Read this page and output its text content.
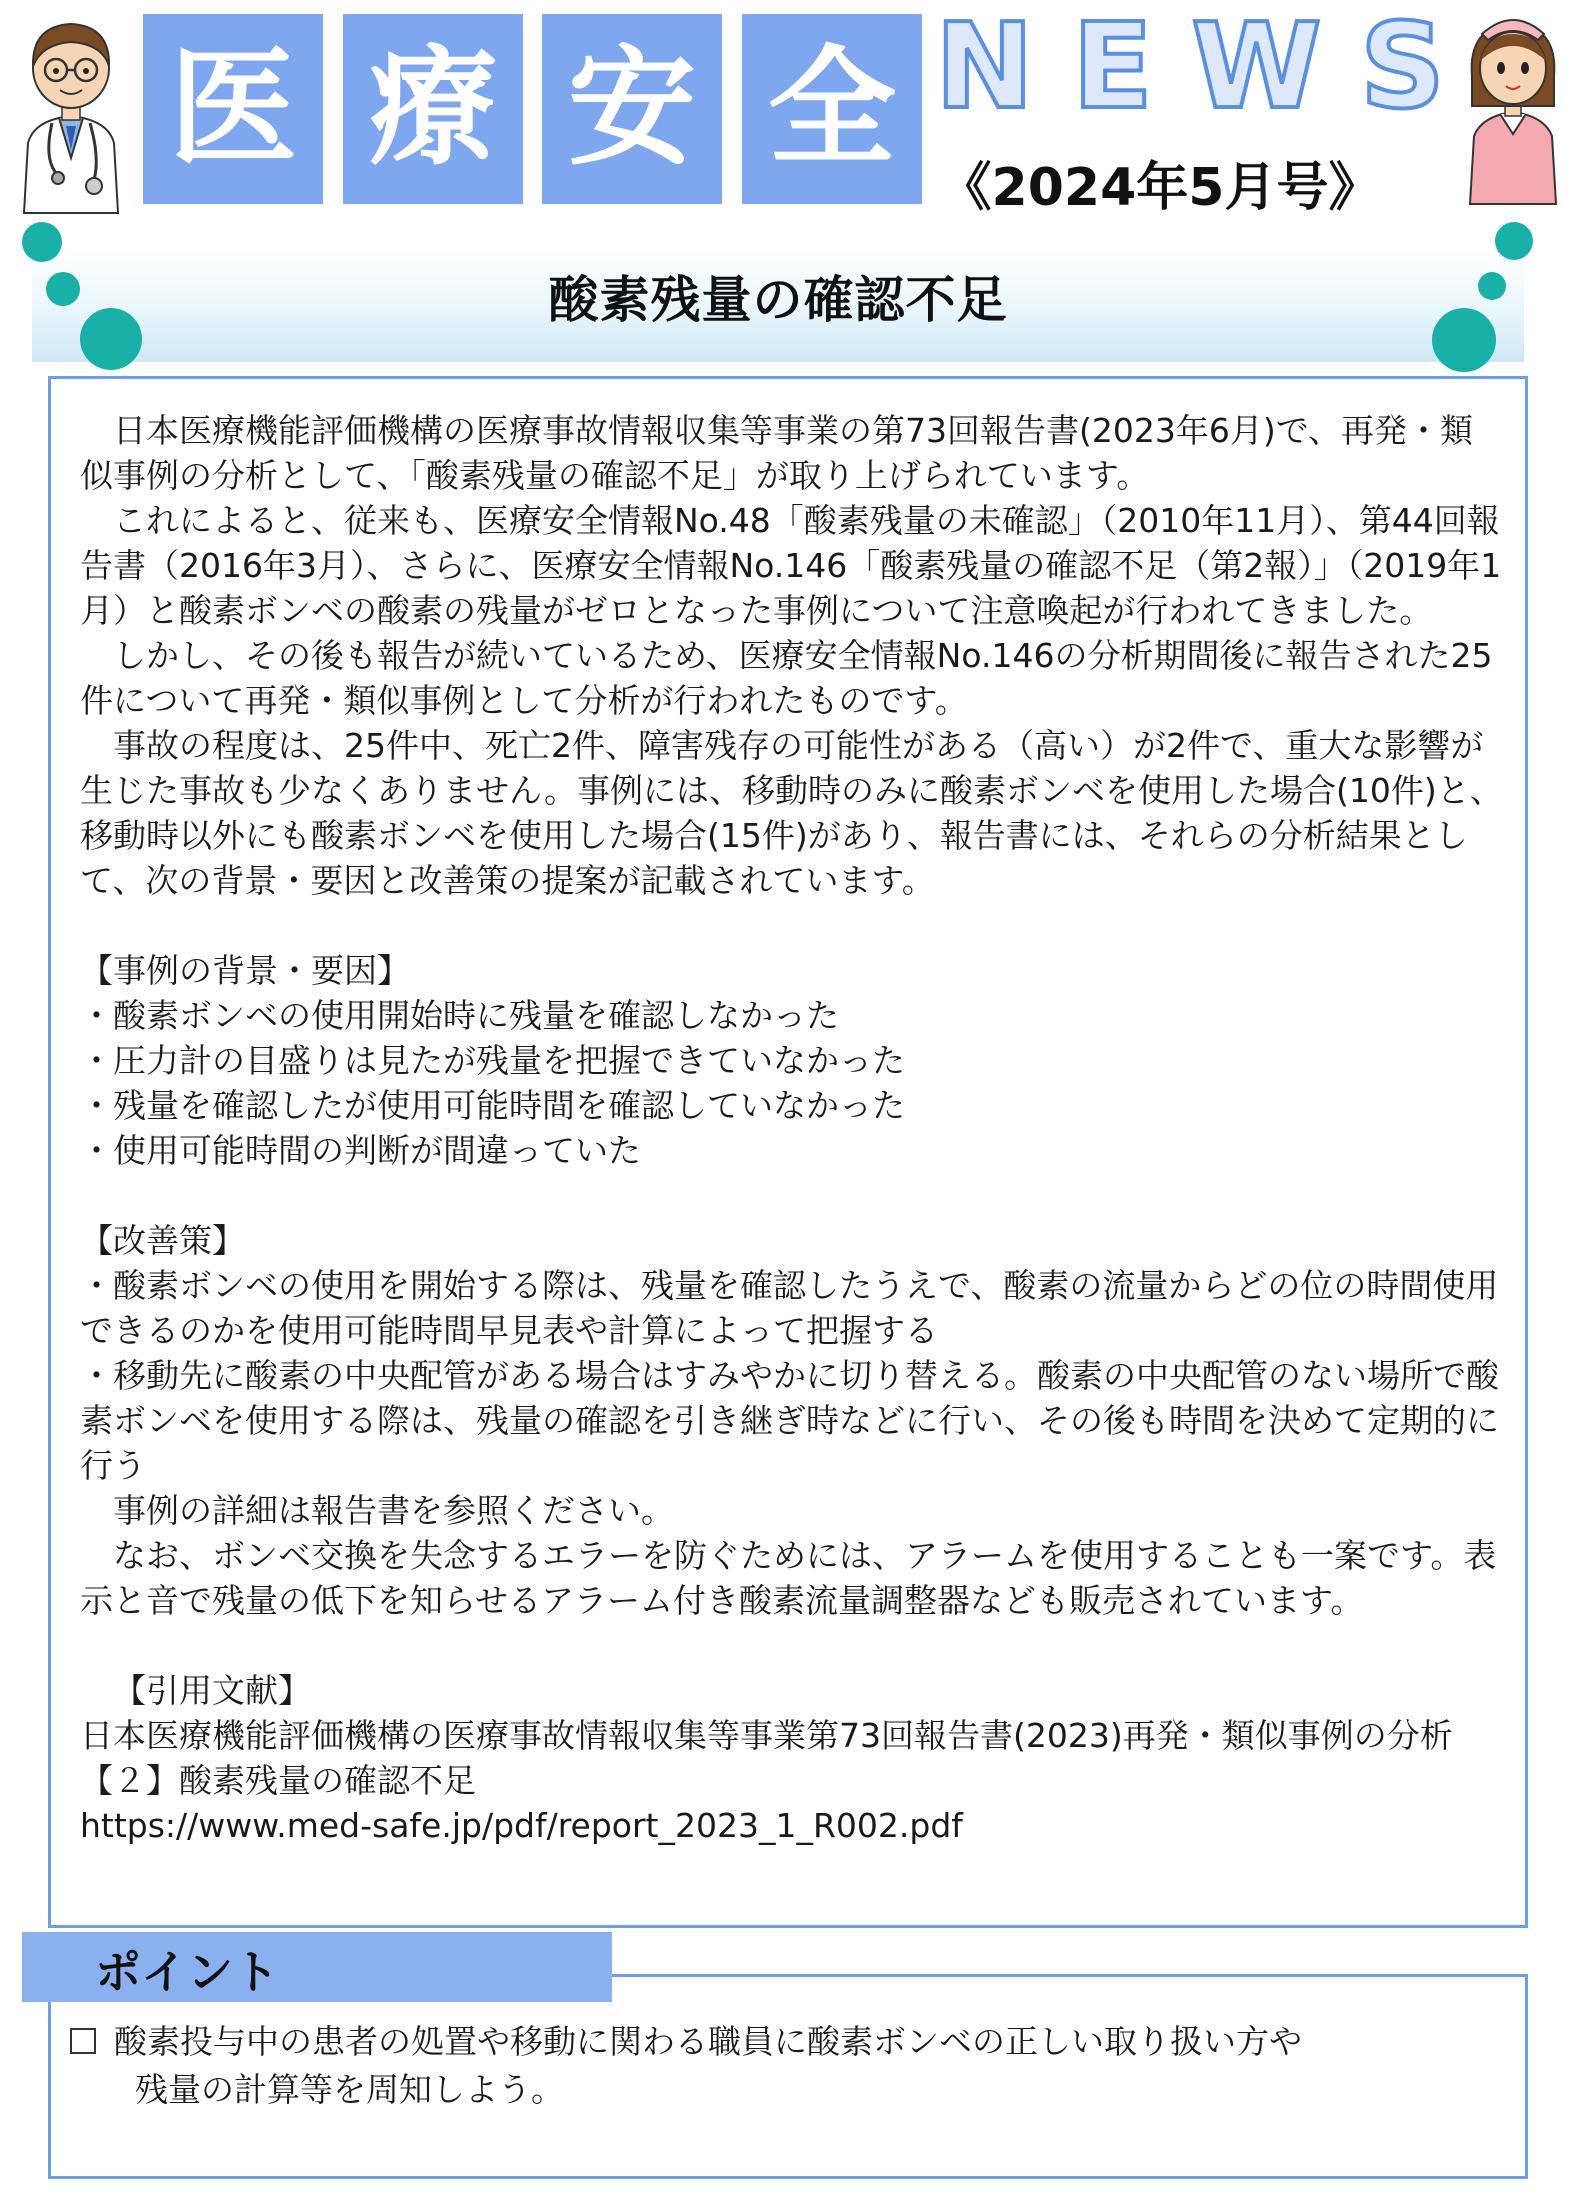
医 療 安 全 N E W S
《2024年5月号》
酸素残量の確認不足

日本医療機能評価機構の医療事故情報収集等事業の第73回報告書(2023年6月)で、再発・類似事例の分析として、「酸素残量の確認不足」が取り上げられています。

これによると、従来も、医療安全情報No.48「酸素残量の未確認」（2010年11月）、第44回報告書（2016年3月）、さらに、医療安全情報No.146「酸素残量の確認不足（第2報）」（2019年1月）と酸素ボンベの酸素の残量がゼロとなった事例について注意喚起が行われてきました。

しかし、その後も報告が続いているため、医療安全情報No.146の分析期間後に報告された25件について再発・類似事例として分析が行われたものです。

事故の程度は、25件中、死亡2件、障害残存の可能性がある（高い）が2件で、重大な影響が生じた事故も少なくありません。事例には、移動時のみに酸素ボンベを使用した場合(10件)と、移動時以外にも酸素ボンベを使用した場合(15件)があり、報告書には、それらの分析結果として、次の背景・要因と改善策の提案が記載されています。

【事例の背景・要因】

・酸素ボンベの使用開始時に残量を確認しなかった

・圧力計の目盛りは見たが残量を把握できていなかった

・残量を確認したが使用可能時間を確認していなかった

・使用可能時間の判断が間違っていた

【改善策】

・酸素ボンベの使用を開始する際は、残量を確認したうえで、酸素の流量からどの位の時間使用できるのかを使用可能時間早見表や計算によって把握する

・移動先に酸素の中央配管がある場合はすみやかに切り替える。酸素の中央配管のない場所で酸素ボンベを使用する際は、残量の確認を引き継ぎ時などに行い、その後も時間を決めて定期的に行う

事例の詳細は報告書を参照ください。

なお、ボンベ交換を失念するエラーを防ぐためには、アラームを使用することも一案です。表示と音で残量の低下を知らせるアラーム付き酸素流量調整器なども販売されています。

【引用文献】

日本医療機能評価機構の医療事故情報収集等事業第73回報告書(2023)再発・類似事例の分析【２】酸素残量の確認不足

https://www.med-safe.jp/pdf/report_2023_1_R002.pdf

ポイント
酸素投与中の患者の処置や移動に関わる職員に酸素ボンベの正しい取り扱い方や
残量の計算等を周知しよう。
